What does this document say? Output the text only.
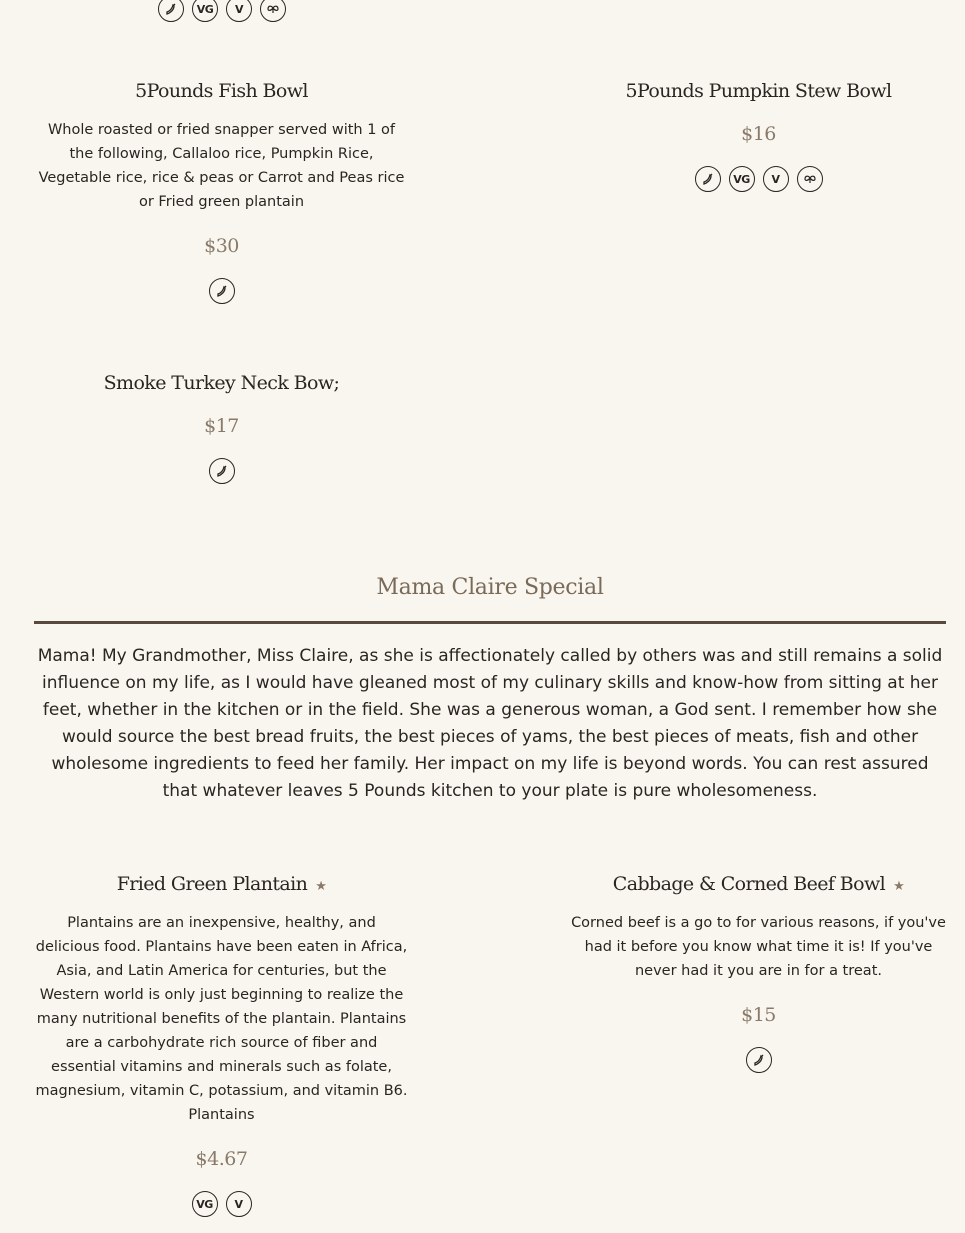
VG	V
5Pounds Fish Bowl
Whole roasted or fried snapper served with 1 of the following, Callaloo rice, Pumpkin Rice, Vegetable rice, rice & peas or Carrot and Peas rice or Fried green plantain
$30
5Pounds Pumpkin Stew Bowl
$16
VG	V
Smoke Turkey Neck Bow;
$17
Mama Claire Special
Mama! My Grandmother, Miss Claire, as she is affectionately called by others was and still remains a solid influence on my life, as I would have gleaned most of my culinary skills and know-how from sitting at her feet, whether in the kitchen or in the field. She was a generous woman, a God sent. I remember how she would source the best bread fruits, the best pieces of yams, the best pieces of meats, fish and other wholesome ingredients to feed her family. Her impact on my life is beyond words. You can rest assured that whatever leaves 5 Pounds kitchen to your plate is pure wholesomeness.
Fried Green Plantain ★
Plantains are an inexpensive, healthy, and delicious food. Plantains have been eaten in Africa, Asia, and Latin America for centuries, but the Western world is only just beginning to realize the many nutritional benefits of the plantain. Plantains are a carbohydrate rich source of fiber and essential vitamins and minerals such as folate, magnesium, vitamin C, potassium, and vitamin B6. Plantains
$4.67
VG	V
Cabbage & Corned Beef Bowl ★
Corned beef is a go to for various reasons, if you've had it before you know what time it is! If you've never had it you are in for a treat.
$15
